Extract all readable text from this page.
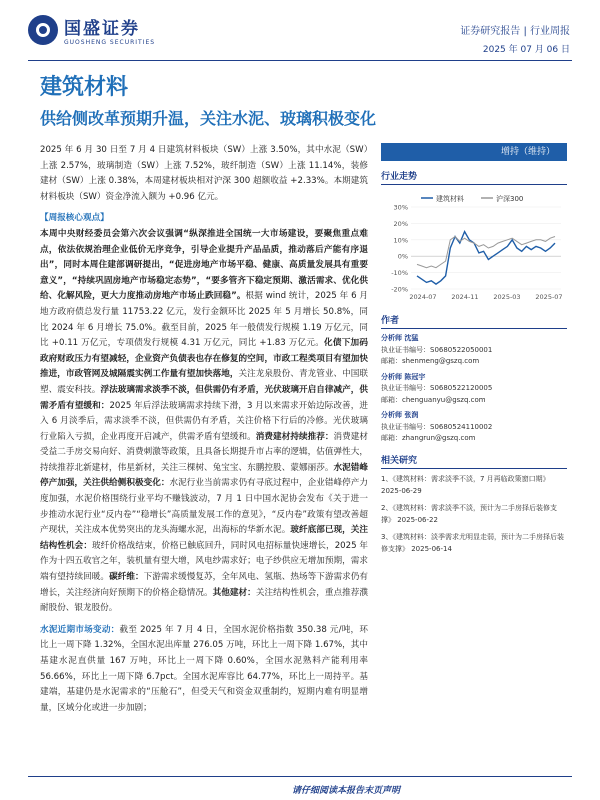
国盛证券
GUOSHENG SECURITIES
证券研究报告 | 行业周报
2025 年 07 月 06 日
建筑材料
供给侧改革预期升温，关注水泥、玻璃积极变化

2025 年 6 月 30 日至 7 月 4 日建筑材料板块（SW）上涨 3.50%，其中水泥（SW）上涨 2.57%，玻璃制造（SW）上涨 7.52%，玻纤制造（SW）上涨 11.14%，装修建材（SW）上涨 0.38%，本周建材板块相对沪深 300 超额收益 +2.33%。本期建筑材料板块（SW）资金净流入额为 +0.96 亿元。

【周报核心观点】
本周中央财经委员会第六次会议强调“纵深推进全国统一大市场建设，要聚焦重点难点，依法依规治理企业低价无序竞争，引导企业提升产品品质，推动落后产能有序退出”，同时本周住建部调研提出，“促进房地产市场平稳、健康、高质量发展具有重要意义”，“持续巩固房地产市场稳定态势”，“要多管齐下稳定预期、激活需求、优化供给、化解风险，更大力度推动房地产市场止跌回稳”。根据 wind 统计，2025 年 6 月地方政府债总发行量 11753.22 亿元，发行金额环比 2025 年 5 月增长 50.8%，同比 2024 年 6 月增长 75.0%。截至目前，2025 年一般债发行规模 1.19 万亿元，同比 +0.11 万亿元，专项债发行规模 4.31 万亿元，同比 +1.83 万亿元。化债下加码政府财政压力有望减轻，企业资产负债表也存在修复的空间，市政工程类项目有望加快推进，市政管网及城隔震实例工作量有望加快落地，关注龙泉股份、青龙管业、中国联塑、震安科技。浮法玻璃需求淡季不淡，但供需仍有矛盾，光伏玻璃开启自律减产，供需矛盾有望缓和：2025 年后浮法玻璃需求持续下滑，3 月以来需求开始边际改善，进入 6 月淡季后，需求淡季不淡，但供需仍有矛盾，关注价格下行后的冷修。光伏玻璃行业陷入亏损，企业再度开启减产，供需矛盾有望缓和。消费建材持续推荐：消费建材受益二手房交易向好、消费刺激等政策，且具备长期提升市占率的逻辑，估值弹性大，持续推荐北新建材，伟星新材，关注三棵树、兔宝宝、东鹏控股、蒙娜丽莎。水泥错峰停产加强，关注供给侧积极变化：水泥行业当前需求仍有寻底过程中，企业错峰停产力度加强，水泥价格围绕行业平均不赚钱波动，7 月 1 日中国水泥协会发布《关于进一步推动水泥行业“反内卷”“稳增长”高质量发展工作的意见》，“反内卷”政策有望改善超产现状，关注成本优势突出的龙头海螺水泥，出海标的华新水泥。玻纤底部已现，关注结构性机会：玻纤价格战结束，价格已触底回升，同时风电招标量快速增长，2025 年作为十四五收官之年，装机量有望大增，风电纱需求好；电子纱供应无增加预期，需求端有望持续回暖。碳纤维：下游需求缓慢复苏，全年风电、氢瓶、热场等下游需求仍有增长，关注经济向好预期下的价格企稳情况。其他建材：关注结构性机会，重点推荐濮耐股份、银龙股份。

水泥近期市场变动：截至 2025 年 7 月 4 日，全国水泥价格指数 350.38 元/吨，环比上一周下降 1.32%，全国水泥出库量 276.05 万吨，环比上一周下降 1.67%，其中基建水泥直供量 167 万吨，环比上一周下降 0.60%，全国水泥熟料产能利用率 56.66%，环比上一周下降 6.7pct。全国水泥库容比 64.77%，环比上一周持平。基建端，基建仍是水泥需求的“压舱石”，但受天气和资金双重制约，短期内难有明显增量，区域分化或进一步加剧；

增持（维持）
行业走势
30%
20%
10%
0%
-10%
-20%
2024-07 2024-11 2025-03 2025-07
建筑材料	沪深300
作者
分析师 沈猛
执业证书编号：S0680522050001
邮箱：shenmeng@gszq.com
分析师 陈冠宇
执业证书编号：S0680522120005
邮箱：chenguanyu@gszq.com
分析师 张润
执业证书编号：S0680524110002
邮箱：zhangrun@gszq.com
相关研究

1、《建筑材料：需求淡季不淡，7 月再临政策窗口期》 2025-06-29

2、《建筑材料：需求淡季不淡，预计为二手房择后装修支撑》 2025-06-22

3、《建筑材料：淡季需求尤明显走弱，预计为二手房择后装修支撑》 2025-06-14

请仔细阅读本报告末页声明
